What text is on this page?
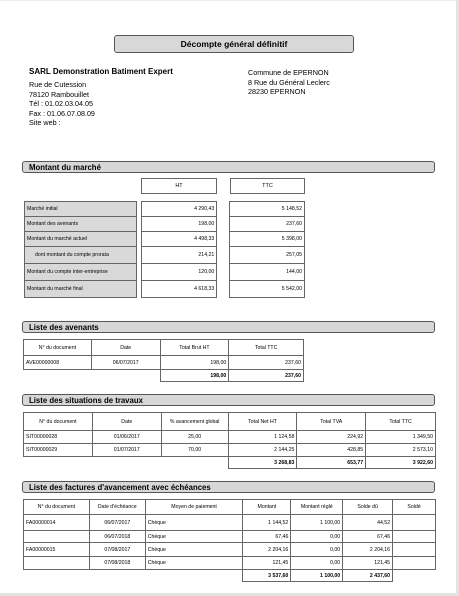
Décompte général définitif
SARL Demonstration Batiment Expert
Rue de Cutession
78120 Rambouillet
Tél : 01.02.03.04.05
Fax : 01.06.07.08.09
Site web :
Commune de EPERNON
8 Rue du Général Leclerc
28230 EPERNON
Montant du marché
HT	TTC
Marché initial		4 290,43		5 148,52
Montant des avenants		198,00		237,60
Montant du marché actuel		4 498,33		5 398,00
dont montant du compte prorata		214,21		257,05
Montant du compte inter-entreprise		120,00		144,00
Montant du marché final		4 618,33		5 542,00
Liste des avenants
N° du document	Date	Total Brut HT	Total TTC
AVE00000008	06/07/2017	198,00	237,60
		198,00	237,60
Liste des situations de travaux
N° du document	Date	% avancement global	Total Net HT	Total TVA	Total TTC
SIT00000028	01/06/2017	25,00	1 124,58	224,92	1 349,50
SIT00000029	01/07/2017	70,00	2 144,25	428,85	2 573,10
			3 268,83	653,77	3 922,60
Liste des factures d'avancement avec échéances
N° du document	Date d'échéance	Moyen de paiement	Montant	Montant réglé	Solde dû	Soldé
FA00000014	06/07/2017	Chèque	1 144,52	1 100,00	44,52	
	06/07/2018	Chèque	67,46	0,00	67,46	
FA00000015	07/08/2017	Chèque	2 204,16	0,00	2 204,16	
	07/08/2018	Chèque	121,45	0,00	121,45	
			3 537,60	1 100,00	2 437,60	
